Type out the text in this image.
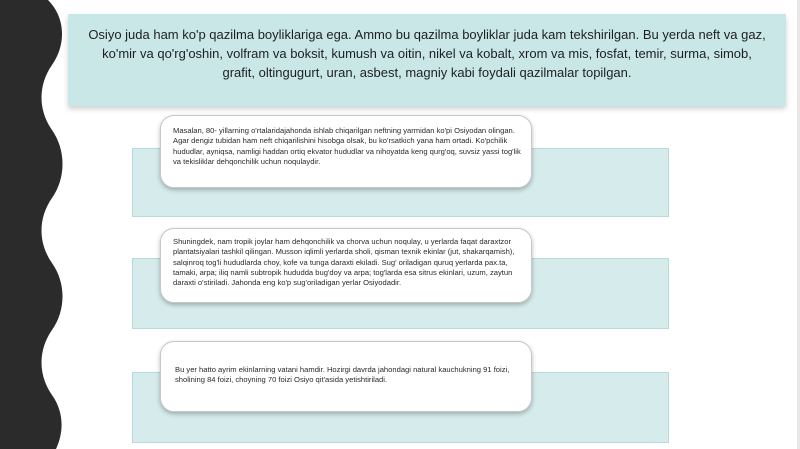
Osiyo juda ham ko'p qazilma boyliklariga ega. Ammo bu qazilma boyliklar juda kam tekshirilgan. Bu yerda neft va gaz, ko'mir va qo'rg'oshin, volfram va boksit, kumush va oitin, nikel va kobalt, xrom va mis, fosfat, temir, surma, simob, grafit, oltingugurt, uran, asbest, magniy kabi foydali qazilmalar topilgan.

Masalan, 80- yillarning o'rtalaridajahonda ishlab chiqarilgan neftning yarmidan ko'pi Osiyodan olingan. Agar dengiz tubidan ham neft chiqarilishini hisobga olsak, bu ko'rsatkich yana ham ortadi. Ko'pchilik hududlar, ayniqsa, namligi haddan ortiq ekvator hududlar va nihoyatda keng qurg'oq, suvsiz yassi tog'lik va tekisliklar dehqonchilik uchun noqulaydir.

Shuningdek, nam tropik joylar ham dehqonchilik va chorva uchun noqulay, u yerlarda faqat daraxtzor plantatsiyalari tashkil qilingan. Musson iqlimli yerlarda sholi, qisman texnik ekinlar (jut, shakarqamish), salqinroq tog'li hududlarda choy, kofe va tunga daraxti ekiladi. Sug' oriladigan quruq yerlarda pax.ta, tamaki, arpa; iliq namli subtropik hududda bug'doy va arpa; tog'larda esa sitrus ekinlari, uzum, zaytun daraxti o'stiriladi. Jahonda eng ko'p sug'oriladigan yerlar Osiyodadir.

Bu yer hatto ayrim ekinlarning vatani hamdir. Hozirgi davrda jahondagi natural kauchukning 91 foizi, sholining 84 foizi, choyning 70 foizi Osiyo qit'asida yetishtiriladi.
